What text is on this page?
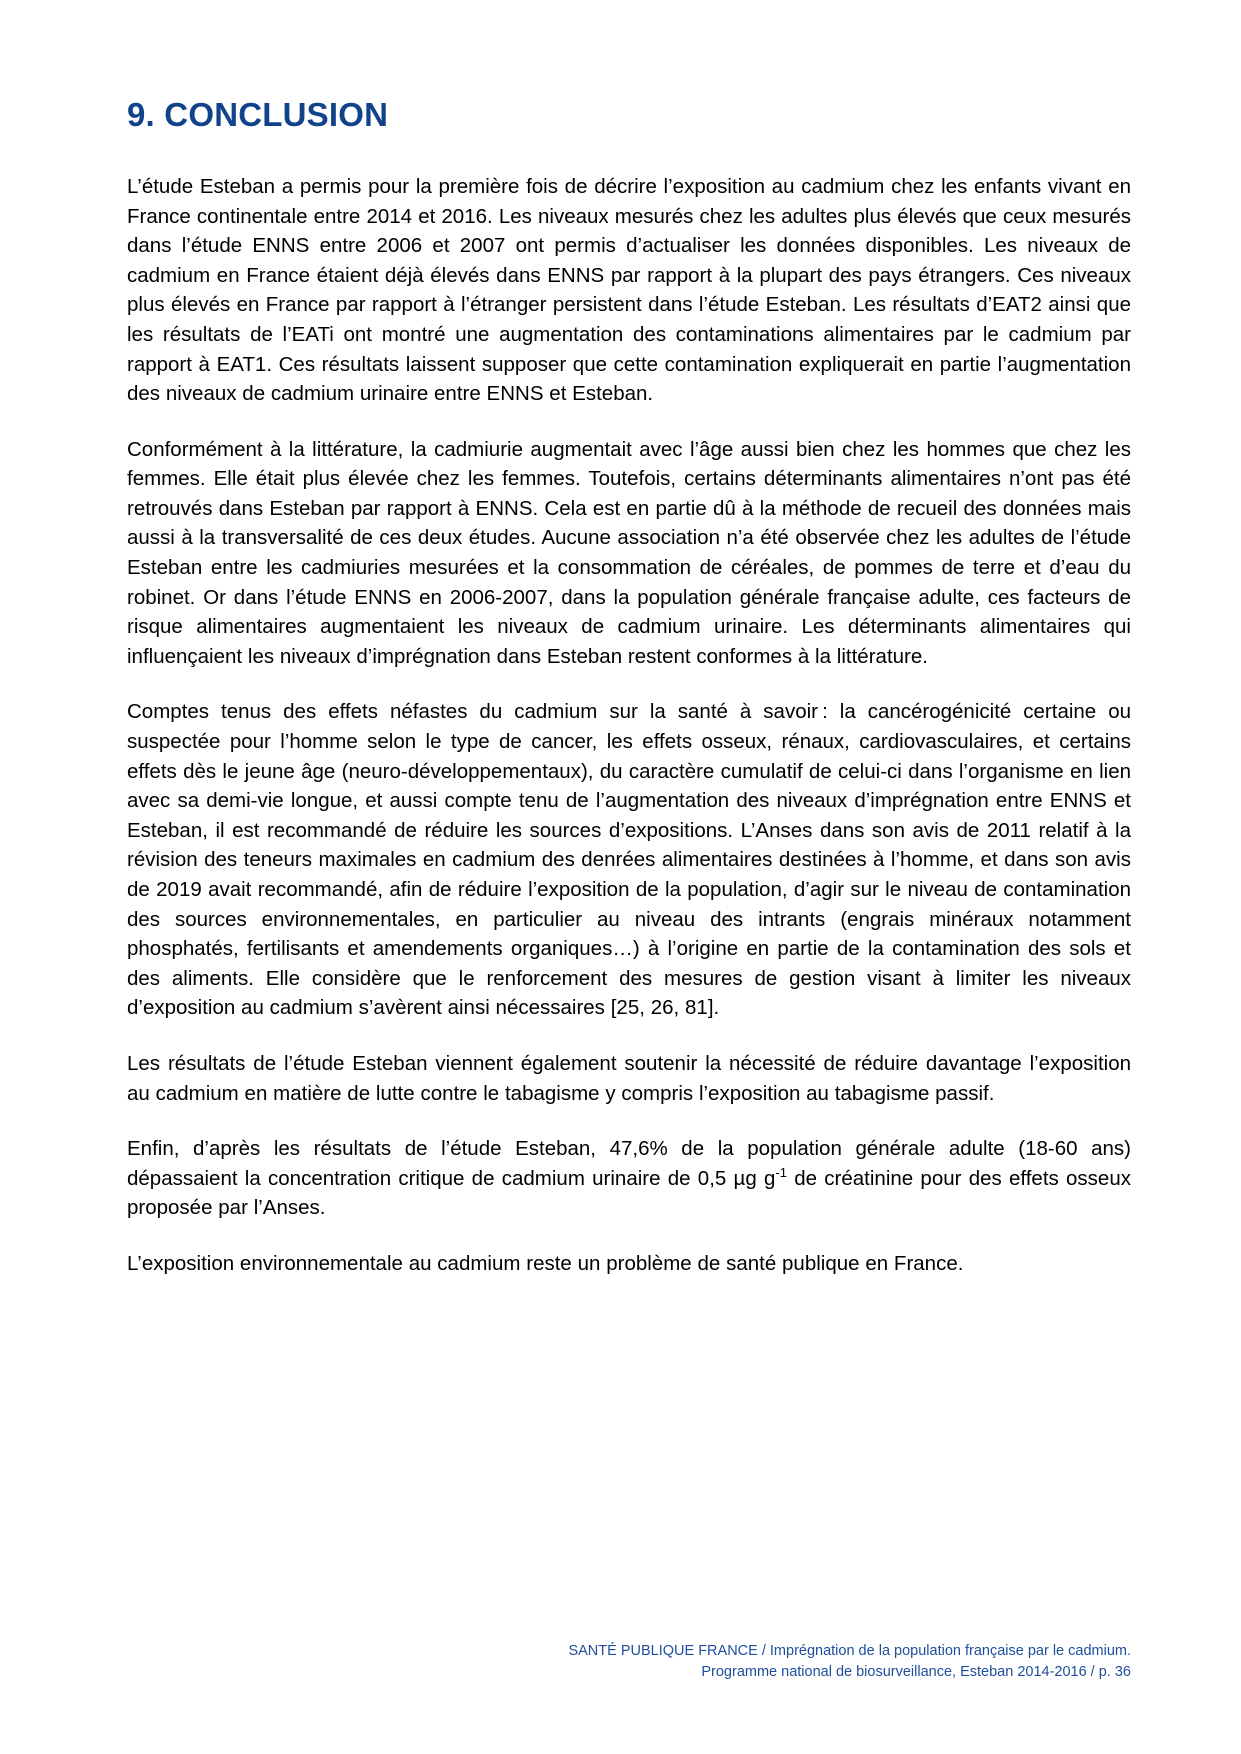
9. CONCLUSION

L’étude Esteban a permis pour la première fois de décrire l’exposition au cadmium chez les enfants vivant en France continentale entre 2014 et 2016. Les niveaux mesurés chez les adultes plus élevés que ceux mesurés dans l’étude ENNS entre 2006 et 2007 ont permis d’actualiser les données disponibles. Les niveaux de cadmium en France étaient déjà élevés dans ENNS par rapport à la plupart des pays étrangers. Ces niveaux plus élevés en France par rapport à l’étranger persistent dans l’étude Esteban. Les résultats d’EAT2 ainsi que les résultats de l’EATi ont montré une augmentation des contaminations alimentaires par le cadmium par rapport à EAT1. Ces résultats laissent supposer que cette contamination expliquerait en partie l’augmentation des niveaux de cadmium urinaire entre ENNS et Esteban.

Conformément à la littérature, la cadmiurie augmentait avec l’âge aussi bien chez les hommes que chez les femmes. Elle était plus élevée chez les femmes. Toutefois, certains déterminants alimentaires n’ont pas été retrouvés dans Esteban par rapport à ENNS. Cela est en partie dû à la méthode de recueil des données mais aussi à la transversalité de ces deux études. Aucune association n’a été observée chez les adultes de l’étude Esteban entre les cadmiuries mesurées et la consommation de céréales, de pommes de terre et d’eau du robinet. Or dans l’étude ENNS en 2006-2007, dans la population générale française adulte, ces facteurs de risque alimentaires augmentaient les niveaux de cadmium urinaire. Les déterminants alimentaires qui influençaient les niveaux d’imprégnation dans Esteban restent conformes à la littérature.

Comptes tenus des effets néfastes du cadmium sur la santé à savoir : la cancérogénicité certaine ou suspectée pour l’homme selon le type de cancer, les effets osseux, rénaux, cardiovasculaires, et certains effets dès le jeune âge (neuro-développementaux), du caractère cumulatif de celui-ci dans l’organisme en lien avec sa demi-vie longue, et aussi compte tenu de l’augmentation des niveaux d’imprégnation entre ENNS et Esteban, il est recommandé de réduire les sources d’expositions. L’Anses dans son avis de 2011 relatif à la révision des teneurs maximales en cadmium des denrées alimentaires destinées à l’homme, et dans son avis de 2019 avait recommandé, afin de réduire l’exposition de la population, d’agir sur le niveau de contamination des sources environnementales, en particulier au niveau des intrants (engrais minéraux notamment phosphatés, fertilisants et amendements organiques…) à l’origine en partie de la contamination des sols et des aliments. Elle considère que le renforcement des mesures de gestion visant à limiter les niveaux d’exposition au cadmium s’avèrent ainsi nécessaires [25, 26, 81].

Les résultats de l’étude Esteban viennent également soutenir la nécessité de réduire davantage l’exposition au cadmium en matière de lutte contre le tabagisme y compris l’exposition au tabagisme passif.

Enfin, d’après les résultats de l’étude Esteban, 47,6% de la population générale adulte (18-60 ans) dépassaient la concentration critique de cadmium urinaire de 0,5 µg $g^{-1}$ de créatinine pour des effets osseux proposée par l’Anses.

L’exposition environnementale au cadmium reste un problème de santé publique en France.

SANTÉ PUBLIQUE FRANCE / Imprégnation de la population française par le cadmium.
Programme national de biosurveillance, Esteban 2014-2016 / p. 36
